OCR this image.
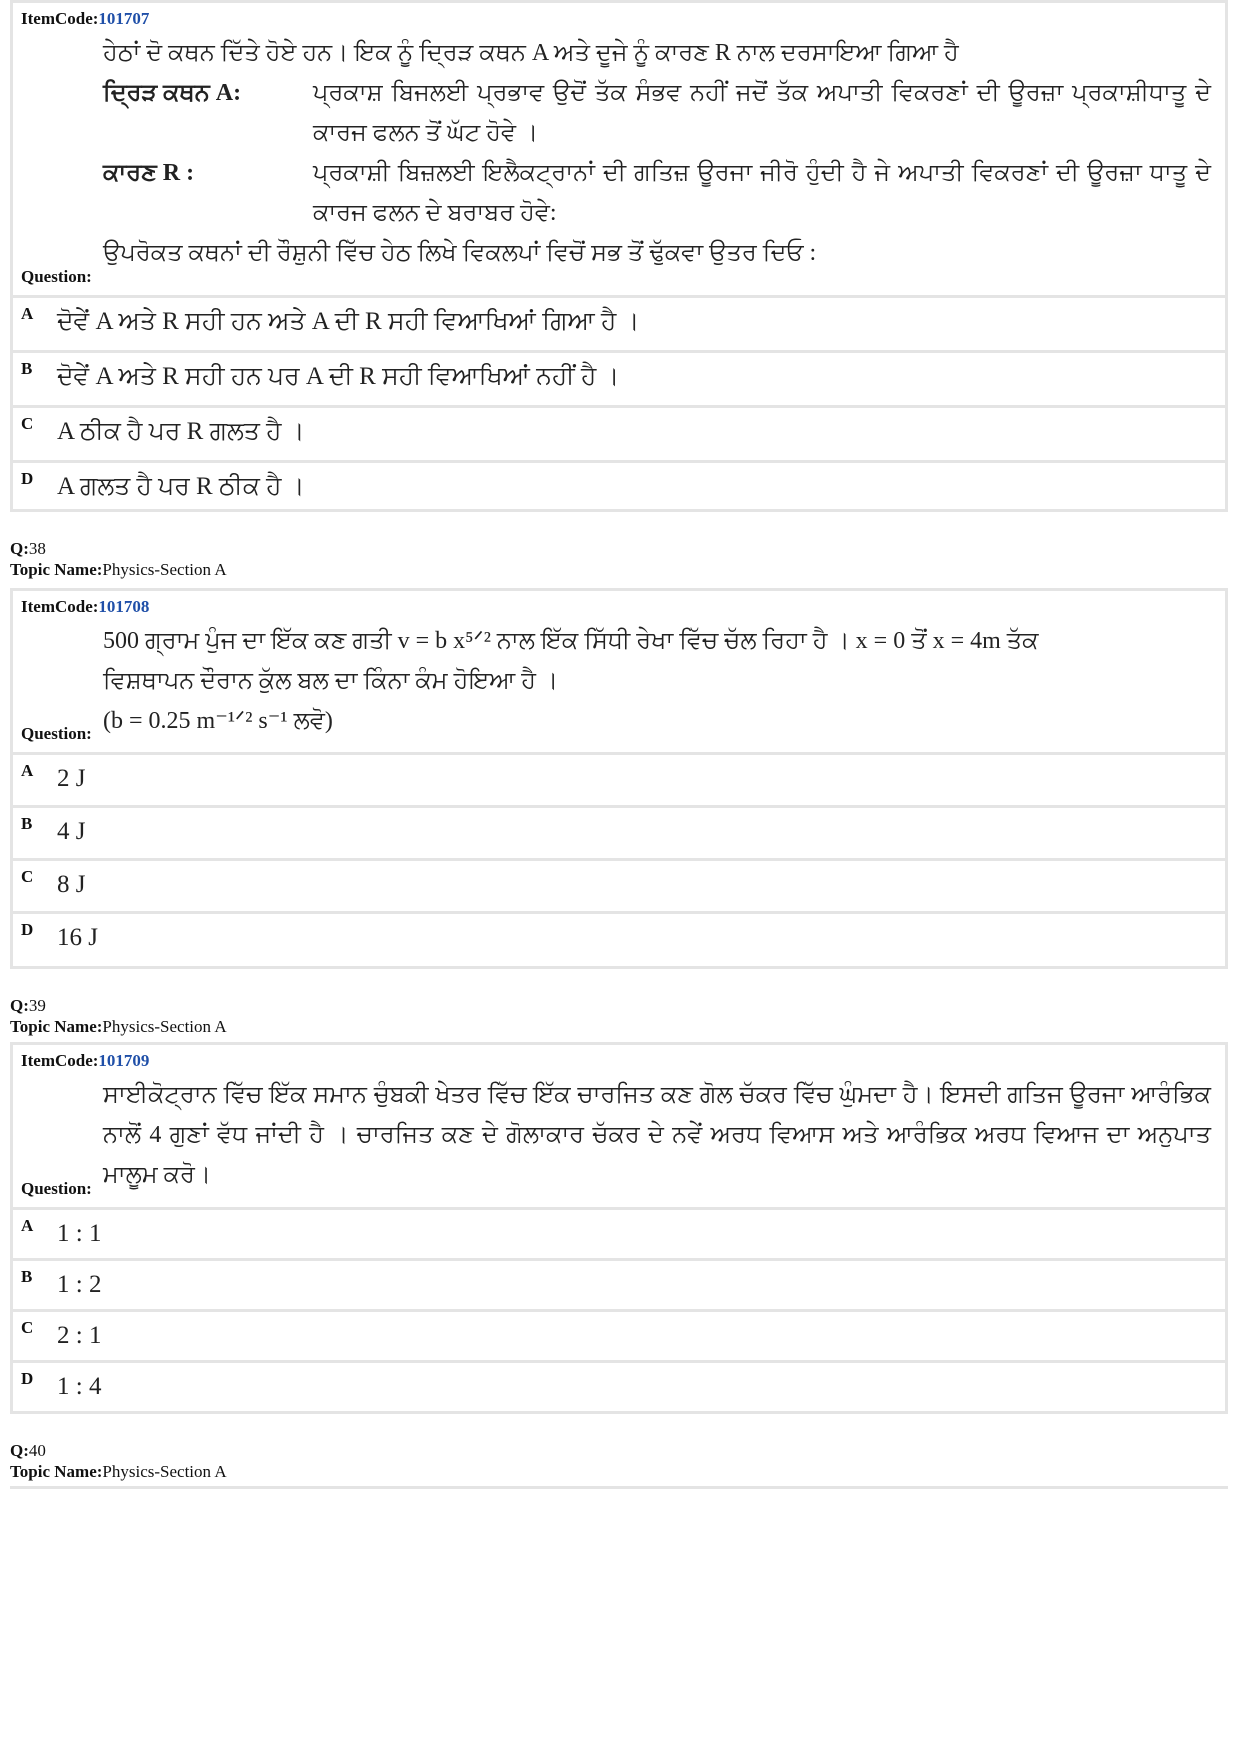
ItemCode:101707
ਹੇਠਾਂ ਦੋ ਕਥਨ ਦਿੱਤੇ ਹੋਏ ਹਨ। ਇਕ ਨੂੰ ਦ੍ਰਿੜ ਕਥਨ A ਅਤੇ ਦੂਜੇ ਨੂੰ ਕਾਰਣ R ਨਾਲ ਦਰਸਾਇਆ ਗਿਆ ਹੈ
ਦ੍ਰਿੜ ਕਥਨ A:	ਪ੍ਰਕਾਸ਼ ਬਿਜਲਈ ਪ੍ਰਭਾਵ ਉਦੋਂ ਤੱਕ ਸੰਭਵ ਨਹੀਂ ਜਦੋਂ ਤੱਕ ਅਪਾਤੀ ਵਿਕਰਣਾਂ ਦੀ ਊਰਜ਼ਾ ਪ੍ਰਕਾਸ਼ੀਧਾਤੂ ਦੇ ਕਾਰਜ ਫਲਨ ਤੋਂ ਘੱਟ ਹੋਵੇ ।
ਕਾਰਣ R :	ਪ੍ਰਕਾਸ਼ੀ ਬਿਜ਼ਲਈ ਇਲੈਕਟ੍ਰਾਨਾਂ ਦੀ ਗਤਿਜ਼ ਊਰਜਾ ਜੀਰੋ ਹੁੰਦੀ ਹੈ ਜੇ ਅਪਾਤੀ ਵਿਕਰਣਾਂ ਦੀ ਊਰਜ਼ਾ ਧਾਤੂ ਦੇ ਕਾਰਜ ਫਲਨ ਦੇ ਬਰਾਬਰ ਹੋਵੇ:
ਉਪਰੋਕਤ ਕਥਨਾਂ ਦੀ ਰੌਸ਼ੁਨੀ ਵਿੱਚ ਹੇਠ ਲਿਖੇ ਵਿਕਲਪਾਂ ਵਿਚੋਂ ਸਭ ਤੋਂ ਢੁੱਕਵਾ ਉਤਰ ਦਿਓ :
Question:
A ਦੋਵੇਂ A ਅਤੇ R ਸਹੀ ਹਨ ਅਤੇ A ਦੀ R ਸਹੀ ਵਿਆਖਿਆਂ ਗਿਆ ਹੈ ।
B ਦੋਵੇਂ A ਅਤੇ R ਸਹੀ ਹਨ ਪਰ A ਦੀ R ਸਹੀ ਵਿਆਖਿਆਂ ਨਹੀਂ ਹੈ ।
C A ਠੀਕ ਹੈ ਪਰ R ਗਲਤ ਹੈ ।
D A ਗਲਤ ਹੈ ਪਰ R ਠੀਕ ਹੈ ।
Q:38
Topic Name:Physics-Section A
ItemCode:101708
500 ਗ੍ਰਾਮ ਪੁੰਜ ਦਾ ਇੱਕ ਕਣ ਗਤੀ v = b x⁵ᐟ² ਨਾਲ ਇੱਕ ਸਿੱਧੀ ਰੇਖਾ ਵਿੱਚ ਚੱਲ ਰਿਹਾ ਹੈ । x = 0 ਤੋਂ x = 4m ਤੱਕ
ਵਿਸ਼ਥਾਪਨ ਦੌਰਾਨ ਕੁੱਲ ਬਲ ਦਾ ਕਿੰਨਾ ਕੰਮ ਹੋਇਆ ਹੈ ।
(b = 0.25 m⁻¹ᐟ² s⁻¹ ਲਵੋ)
Question:
A 2 J
B 4 J
C 8 J
D 16 J
Q:39
Topic Name:Physics-Section A
ItemCode:101709
ਸਾਈਕੋਟ੍ਰਾਨ ਵਿੱਚ ਇੱਕ ਸਮਾਨ ਚੁੰਬਕੀ ਖੇਤਰ ਵਿੱਚ ਇੱਕ ਚਾਰਜਿਤ ਕਣ ਗੋਲ ਚੱਕਰ ਵਿੱਚ ਘੁੰਮਦਾ ਹੈ। ਇਸਦੀ ਗਤਿਜ ਊਰਜਾ ਆਰੰਭਿਕ ਨਾਲੋਂ 4 ਗੁਣਾਂ ਵੱਧ ਜਾਂਦੀ ਹੈ । ਚਾਰਜਿਤ ਕਣ ਦੇ ਗੋਲਾਕਾਰ ਚੱਕਰ ਦੇ ਨਵੇਂ ਅਰਧ ਵਿਆਸ ਅਤੇ ਆਰੰਭਿਕ ਅਰਧ ਵਿਆਜ ਦਾ ਅਨੁਪਾਤ ਮਾਲੂਮ ਕਰੋ।
Question:
A 1 : 1
B 1 : 2
C 2 : 1
D 1 : 4
Q:40
Topic Name:Physics-Section A
